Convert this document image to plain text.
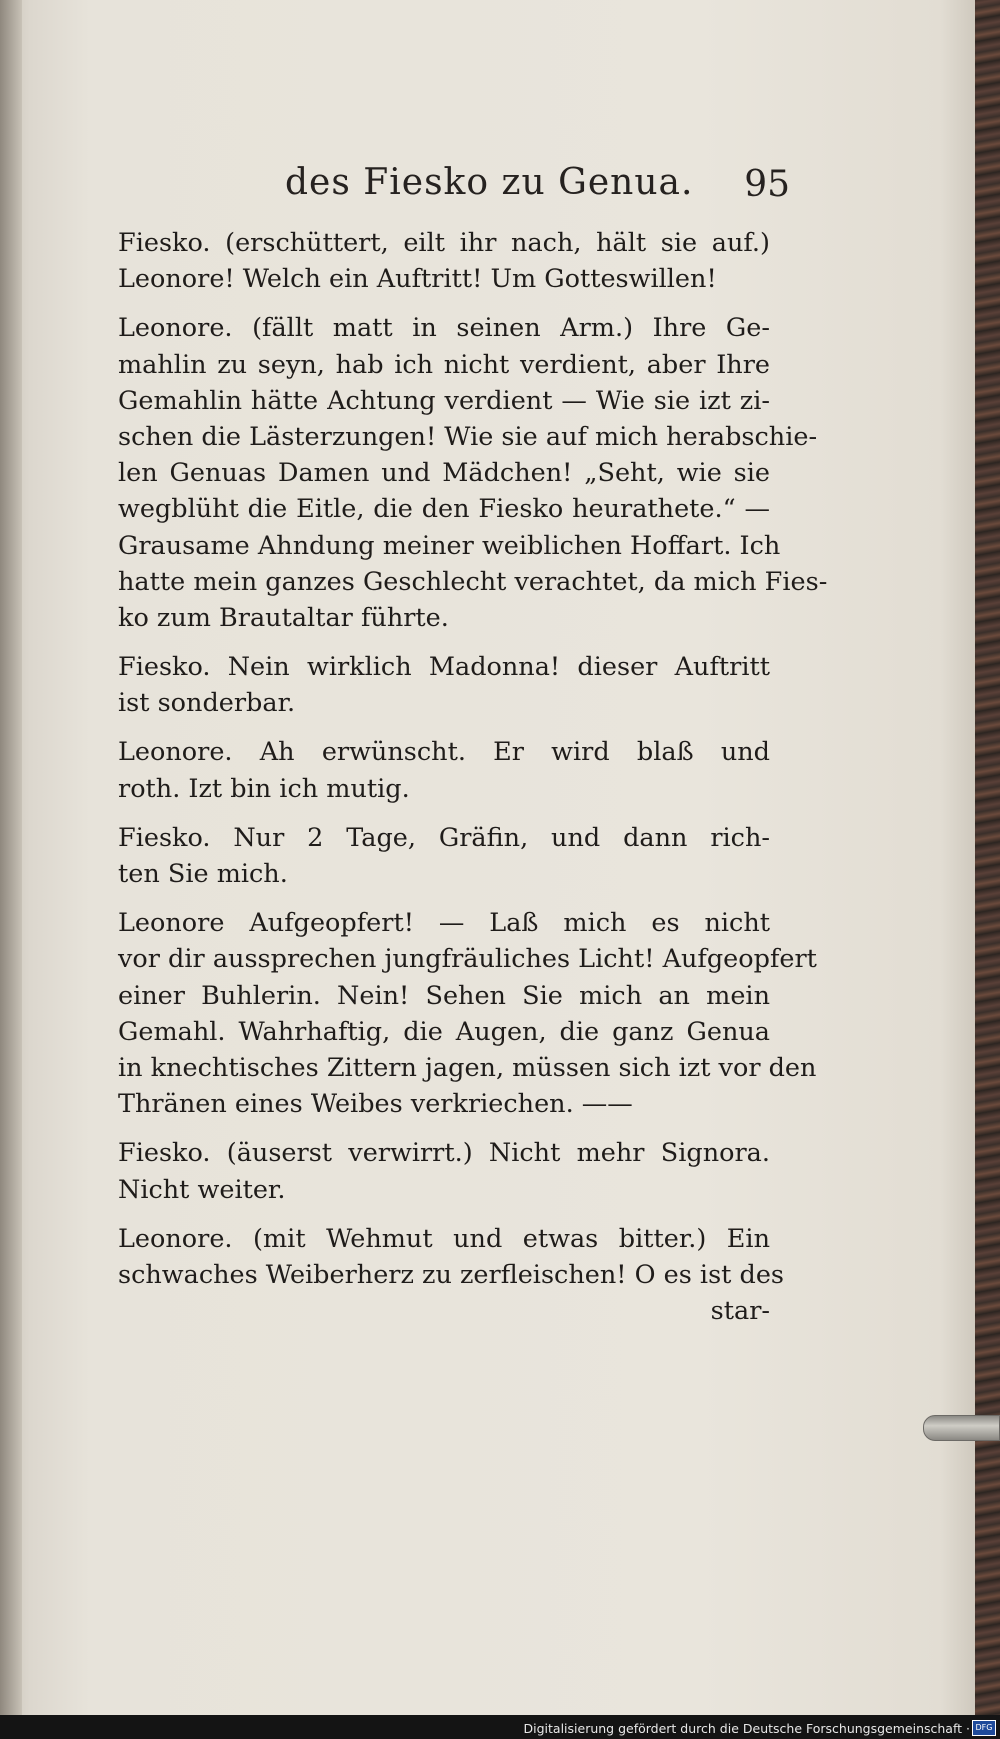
des Fiesko zu Genua. 95
Fiesko. (erschüttert, eilt ihr nach, hält sie auf.)
Leonore! Welch ein Auftritt! Um Gotteswillen!
Leonore. (fällt matt in seinen Arm.) Ihre Ge-
mahlin zu seyn, hab ich nicht verdient, aber Ihre
Gemahlin hätte Achtung verdient — Wie sie izt zi-
schen die Lästerzungen! Wie sie auf mich herabschie-
len Genuas Damen und Mädchen! „Seht, wie sie
wegblüht die Eitle, die den Fiesko heurathete.“ —
Grausame Ahndung meiner weiblichen Hoffart. Ich
hatte mein ganzes Geschlecht verachtet, da mich Fies-
ko zum Brautaltar führte.
Fiesko. Nein wirklich Madonna! dieser Auftritt
ist sonderbar.
Leonore. Ah erwünscht. Er wird blaß und
roth. Izt bin ich mutig.
Fiesko. Nur 2 Tage, Gräfin, und dann rich-
ten Sie mich.
Leonore Aufgeopfert! — Laß mich es nicht
vor dir aussprechen jungfräuliches Licht! Aufgeopfert
einer Buhlerin. Nein! Sehen Sie mich an mein
Gemahl. Wahrhaftig, die Augen, die ganz Genua
in knechtisches Zittern jagen, müssen sich izt vor den
Thränen eines Weibes verkriechen. ——
Fiesko. (äuserst verwirrt.) Nicht mehr Signora.
Nicht weiter.
Leonore. (mit Wehmut und etwas bitter.) Ein
schwaches Weiberherz zu zerfleischen! O es ist des
star-
Digitalisierung gefördert durch die Deutsche Forschungsgemeinschaft · DFG
